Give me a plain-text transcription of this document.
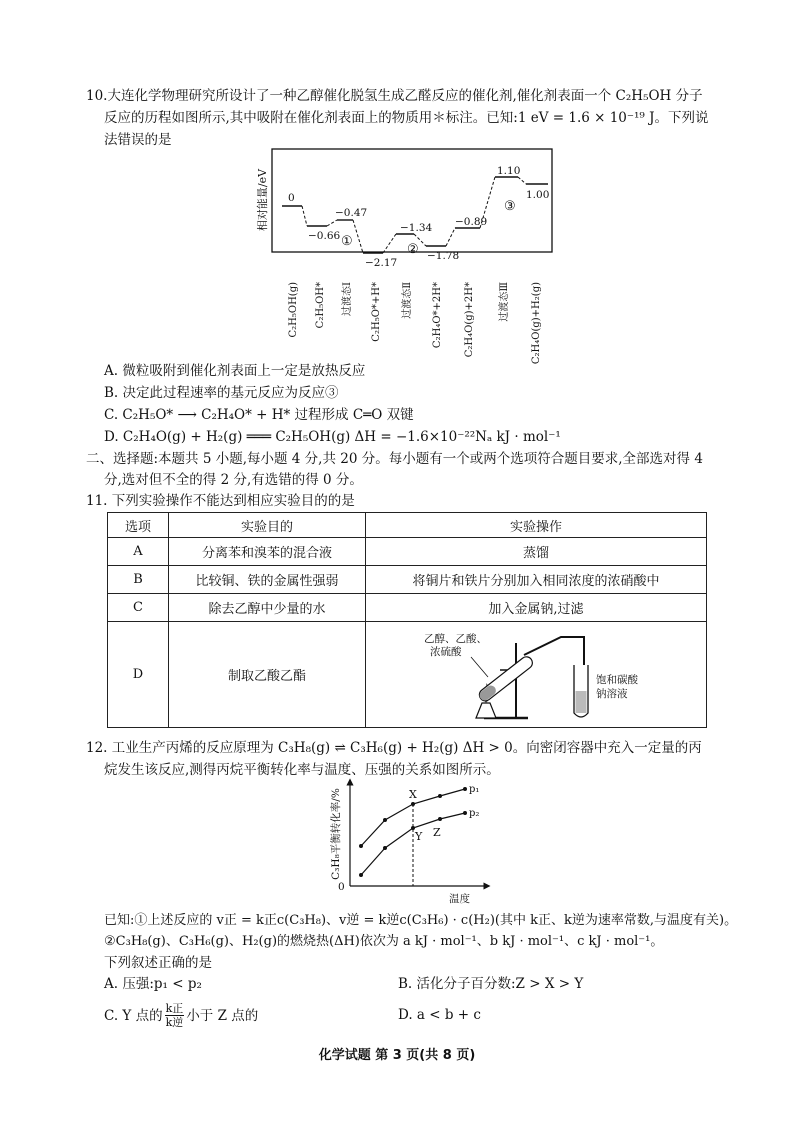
10.大连化学物理研究所设计了一种乙醇催化脱氢生成乙醛反应的催化剂,催化剂表面一个 C₂H₅OH 分子
反应的历程如图所示,其中吸附在催化剂表面上的物质用＊标注。已知:1 eV = 1.6 × 10⁻¹⁹ J。下列说
法错误的是
相对能量/eV 0
−0.66
−0.47
−2.17
−1.34
−1.78
−0.89
1.10
1.00
①
②
③
C₂H₅OH(g) C₂H₅OH* 过渡态Ⅰ C₂H₅O*+H* 过渡态Ⅱ C₂H₄O*+2H* C₂H₄O(g)+2H* 过渡态Ⅲ C₂H₄O(g)+H₂(g)
A. 微粒吸附到催化剂表面上一定是放热反应
B. 决定此过程速率的基元反应为反应③
C. C₂H₅O* ⟶ C₂H₄O* + H* 过程形成 C═O 双键
D. C₂H₄O(g) + H₂(g) ═══ C₂H₅OH(g) ΔH = −1.6×10⁻²²Nₐ kJ · mol⁻¹
二、选择题:本题共 5 小题,每小题 4 分,共 20 分。每小题有一个或两个选项符合题目要求,全部选对得 4
分,选对但不全的得 2 分,有选错的得 0 分。
11. 下列实验操作不能达到相应实验目的的是
选项	实验目的	实验操作
A	分离苯和溴苯的混合液	蒸馏
B	比较铜、铁的金属性强弱	将铜片和铁片分别加入相同浓度的浓硝酸中
C	除去乙醇中少量的水	加入金属钠,过滤
D	制取乙酸乙酯	乙醇、乙酸、
浓硫酸
饱和碳酸
钠溶液
12. 工业生产丙烯的反应原理为 C₃H₈(g) ⇌ C₃H₆(g) + H₂(g) ΔH > 0。向密闭容器中充入一定量的丙
烷发生该反应,测得丙烷平衡转化率与温度、压强的关系如图所示。
C₃H₈平衡转化率/%
0
温度
X
Y Z
p₁
p₂
已知:①上述反应的 v正 = k正c(C₃H₈)、v逆 = k逆c(C₃H₆) · c(H₂)(其中 k正、k逆为速率常数,与温度有关)。
②C₃H₈(g)、C₃H₆(g)、H₂(g)的燃烧热(ΔH)依次为 a kJ · mol⁻¹、b kJ · mol⁻¹、c kJ · mol⁻¹。
下列叙述正确的是
A. 压强:p₁ < p₂	B. 活化分子百分数:Z > X > Y
C. Y 点的 k正
k逆 小于 Z 点的	D. a < b + c
化学试题 第 3 页(共 8 页)
